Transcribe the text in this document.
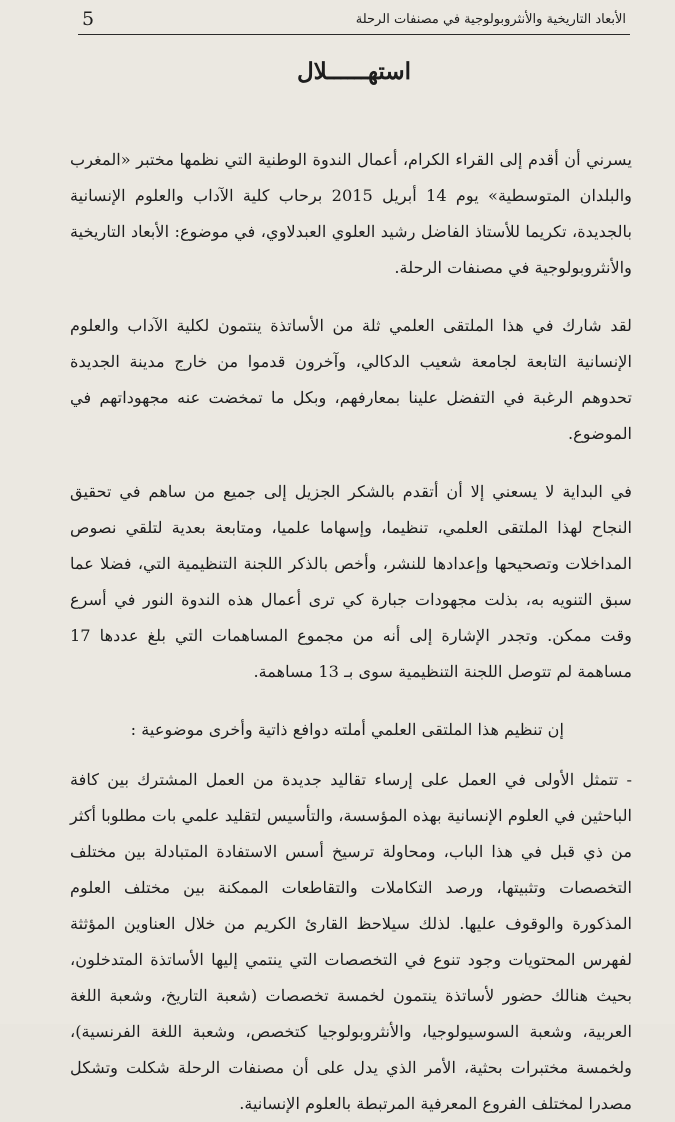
5	الأبعاد التاريخية والأنثروبولوجية في مصنفات الرحلة
استهــــــلال

يسرني أن أقدم إلى القراء الكرام، أعمال الندوة الوطنية التي نظمها مختبر «المغرب والبلدان المتوسطية» يوم 14 أبريل 2015 برحاب كلية الآداب والعلوم الإنسانية بالجديدة، تكريما للأستاذ الفاضل رشيد العلوي العبدلاوي، في موضوع: الأبعاد التاريخية والأنثروبولوجية في مصنفات الرحلة.

لقد شارك في هذا الملتقى العلمي ثلة من الأساتذة ينتمون لكلية الآداب والعلوم الإنسانية التابعة لجامعة شعيب الدكالي، وآخرون قدموا من خارج مدينة الجديدة تحدوهم الرغبة في التفضل علينا بمعارفهم، وبكل ما تمخضت عنه مجهوداتهم في الموضوع.

في البداية لا يسعني إلا أن أتقدم بالشكر الجزيل إلى جميع من ساهم في تحقيق النجاح لهذا الملتقى العلمي، تنظيما، وإسهاما علميا، ومتابعة بعدية لتلقي نصوص المداخلات وتصحيحها وإعدادها للنشر، وأخص بالذكر اللجنة التنظيمية التي، فضلا عما سبق التنويه به، بذلت مجهودات جبارة كي ترى أعمال هذه الندوة النور في أسرع وقت ممكن. وتجدر الإشارة إلى أنه من مجموع المساهمات التي بلغ عددها 17 مساهمة لم تتوصل اللجنة التنظيمية سوى بـ 13 مساهمة.

إن تنظيم هذا الملتقى العلمي أملته دوافع ذاتية وأخرى موضوعية :

- تتمثل الأولى في العمل على إرساء تقاليد جديدة من العمل المشترك بين كافة الباحثين في العلوم الإنسانية بهذه المؤسسة، والتأسيس لتقليد علمي بات مطلوبا أكثر من ذي قبل في هذا الباب، ومحاولة ترسيخ أسس الاستفادة المتبادلة بين مختلف التخصصات وتثبيتها، ورصد التكاملات والتقاطعات الممكنة بين مختلف العلوم المذكورة والوقوف عليها. لذلك سيلاحظ القارئ الكريم من خلال العناوين المؤثثة لفهرس المحتويات وجود تنوع في التخصصات التي ينتمي إليها الأساتذة المتدخلون، بحيث هنالك حضور لأساتذة ينتمون لخمسة تخصصات (شعبة التاريخ، وشعبة اللغة العربية، وشعبة السوسيولوجيا، والأنثروبولوجيا كتخصص، وشعبة اللغة الفرنسية)، ولخمسة مختبرات بحثية، الأمر الذي يدل على أن مصنفات الرحلة شكلت وتشكل مصدرا لمختلف الفروع المعرفية المرتبطة بالعلوم الإنسانية.
